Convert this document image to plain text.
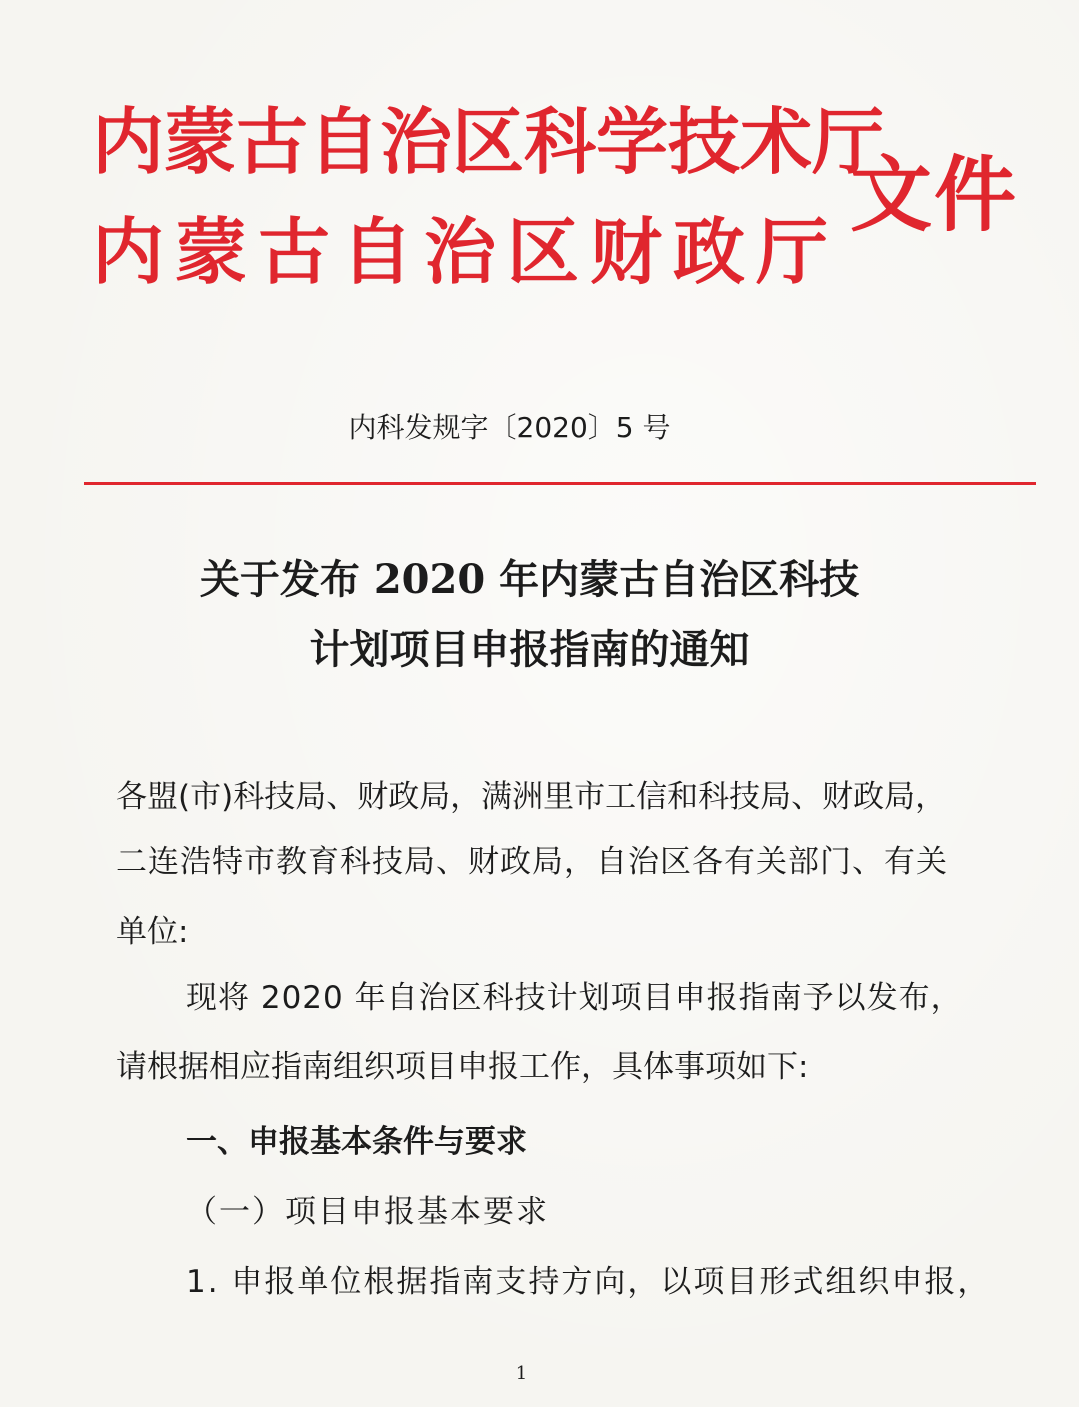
内蒙古自治区科学技术厅
内蒙古自治区财政厅
文件
内科发规字〔2020〕5 号
关于发布 2020 年内蒙古自治区科技
计划项目申报指南的通知
各盟(市)科技局、财政局，满洲里市工信和科技局、财政局，
二连浩特市教育科技局、财政局，自治区各有关部门、有关
单位:
现将 2020 年自治区科技计划项目申报指南予以发布，
请根据相应指南组织项目申报工作，具体事项如下:
一、申报基本条件与要求
（一）项目申报基本要求
1. 申报单位根据指南支持方向，以项目形式组织申报，
1
